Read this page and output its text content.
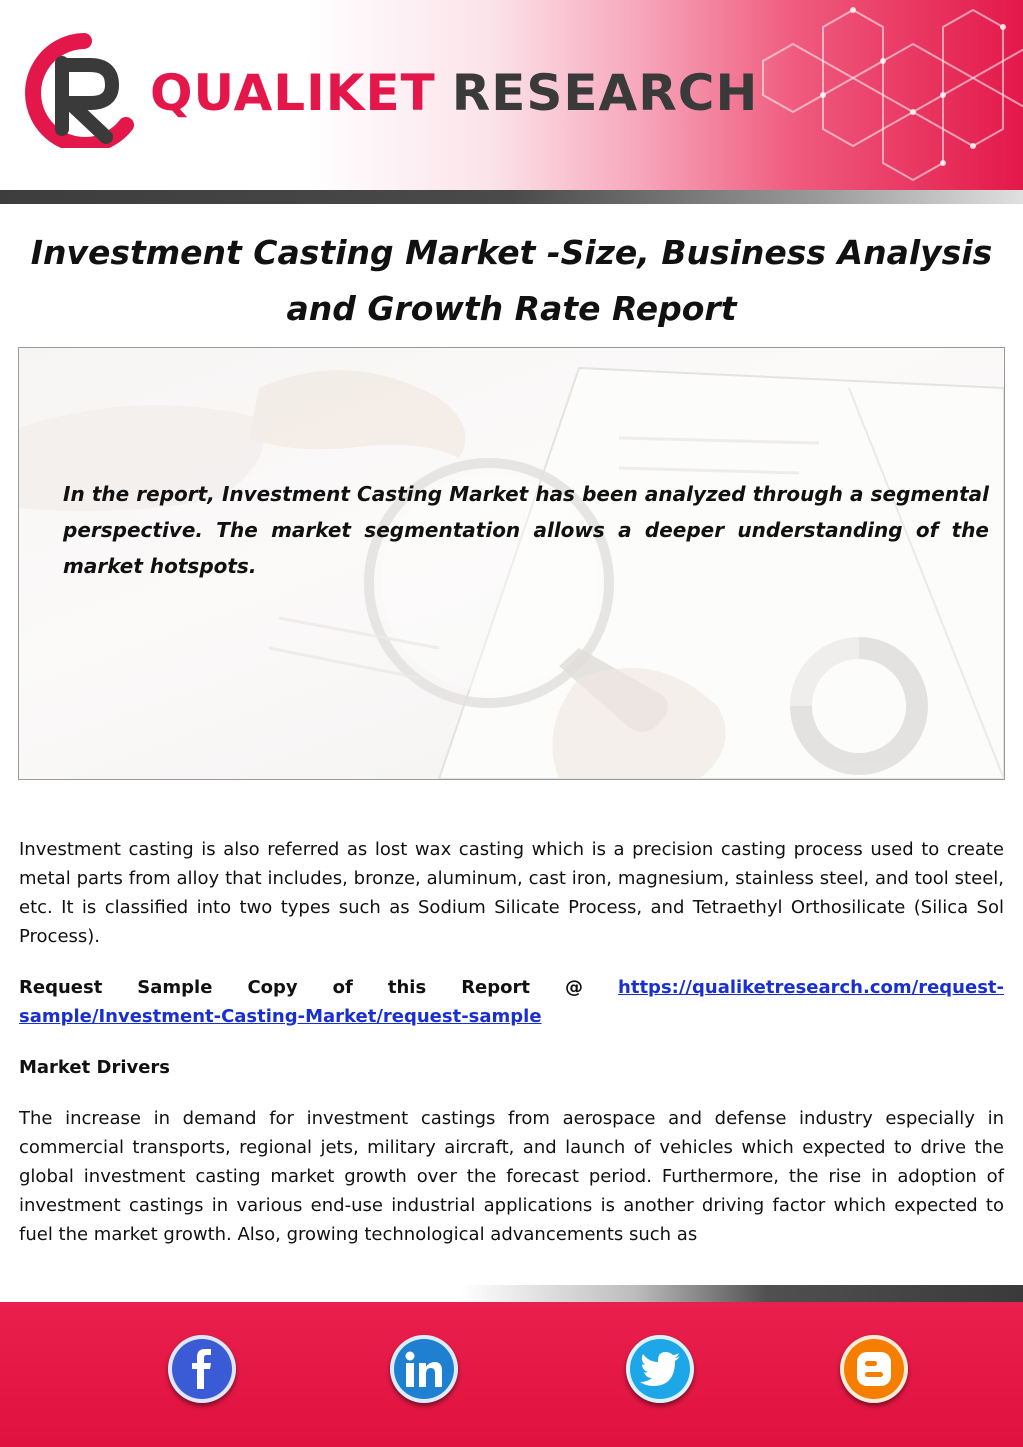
QUALIKET RESEARCH
Investment Casting Market -Size, Business Analysis and Growth Rate Report

In the report, Investment Casting Market has been analyzed through a segmental perspective. The market segmentation allows a deeper understanding of the market hotspots.

Investment casting is also referred as lost wax casting which is a precision casting process used to create metal parts from alloy that includes, bronze, aluminum, cast iron, magnesium, stainless steel, and tool steel, etc. It is classified into two types such as Sodium Silicate Process, and Tetraethyl Orthosilicate (Silica Sol Process).

Request Sample Copy of this Report @ https://qualiketresearch.com/request-sample/Investment-Casting-Market/request-sample

Market Drivers

The increase in demand for investment castings from aerospace and defense industry especially in commercial transports, regional jets, military aircraft, and launch of vehicles which expected to drive the global investment casting market growth over the forecast period. Furthermore, the rise in adoption of investment castings in various end-use industrial applications is another driving factor which expected to fuel the market growth. Also, growing technological advancements such as
